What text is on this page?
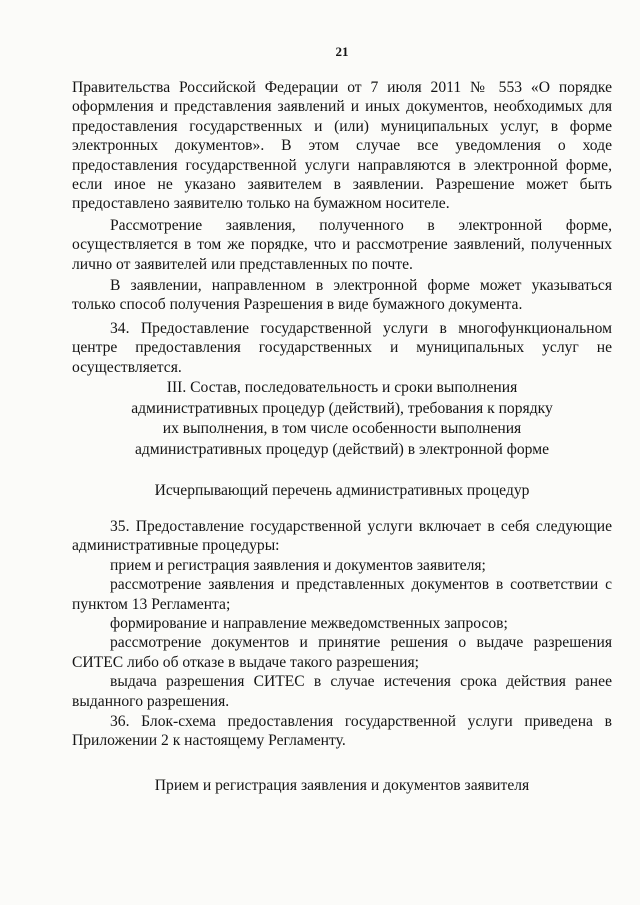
21

Правительства Российской Федерации от 7 июля 2011 № 553 «О порядке оформления и представления заявлений и иных документов, необходимых для предоставления государственных и (или) муниципальных услуг, в форме электронных документов». В этом случае все уведомления о ходе предоставления государственной услуги направляются в электронной форме, если иное не указано заявителем в заявлении. Разрешение может быть предоставлено заявителю только на бумажном носителе.

Рассмотрение заявления, полученного в электронной форме, осуществляется в том же порядке, что и рассмотрение заявлений, полученных лично от заявителей или представленных по почте.

В заявлении, направленном в электронной форме может указываться только способ получения Разрешения в виде бумажного документа.

34. Предоставление государственной услуги в многофункциональном центре предоставления государственных и муниципальных услуг не осуществляется.

III. Состав, последовательность и сроки выполнения
административных процедур (действий), требования к порядку
их выполнения, в том числе особенности выполнения
административных процедур (действий) в электронной форме
Исчерпывающий перечень административных процедур

35. Предоставление государственной услуги включает в себя следующие административные процедуры:

прием и регистрация заявления и документов заявителя;

рассмотрение заявления и представленных документов в соответствии с пунктом 13 Регламента;

формирование и направление межведомственных запросов;

рассмотрение документов и принятие решения о выдаче разрешения СИТЕС либо об отказе в выдаче такого разрешения;

выдача разрешения СИТЕС в случае истечения срока действия ранее выданного разрешения.

36. Блок-схема предоставления государственной услуги приведена в Приложении 2 к настоящему Регламенту.

Прием и регистрация заявления и документов заявителя
